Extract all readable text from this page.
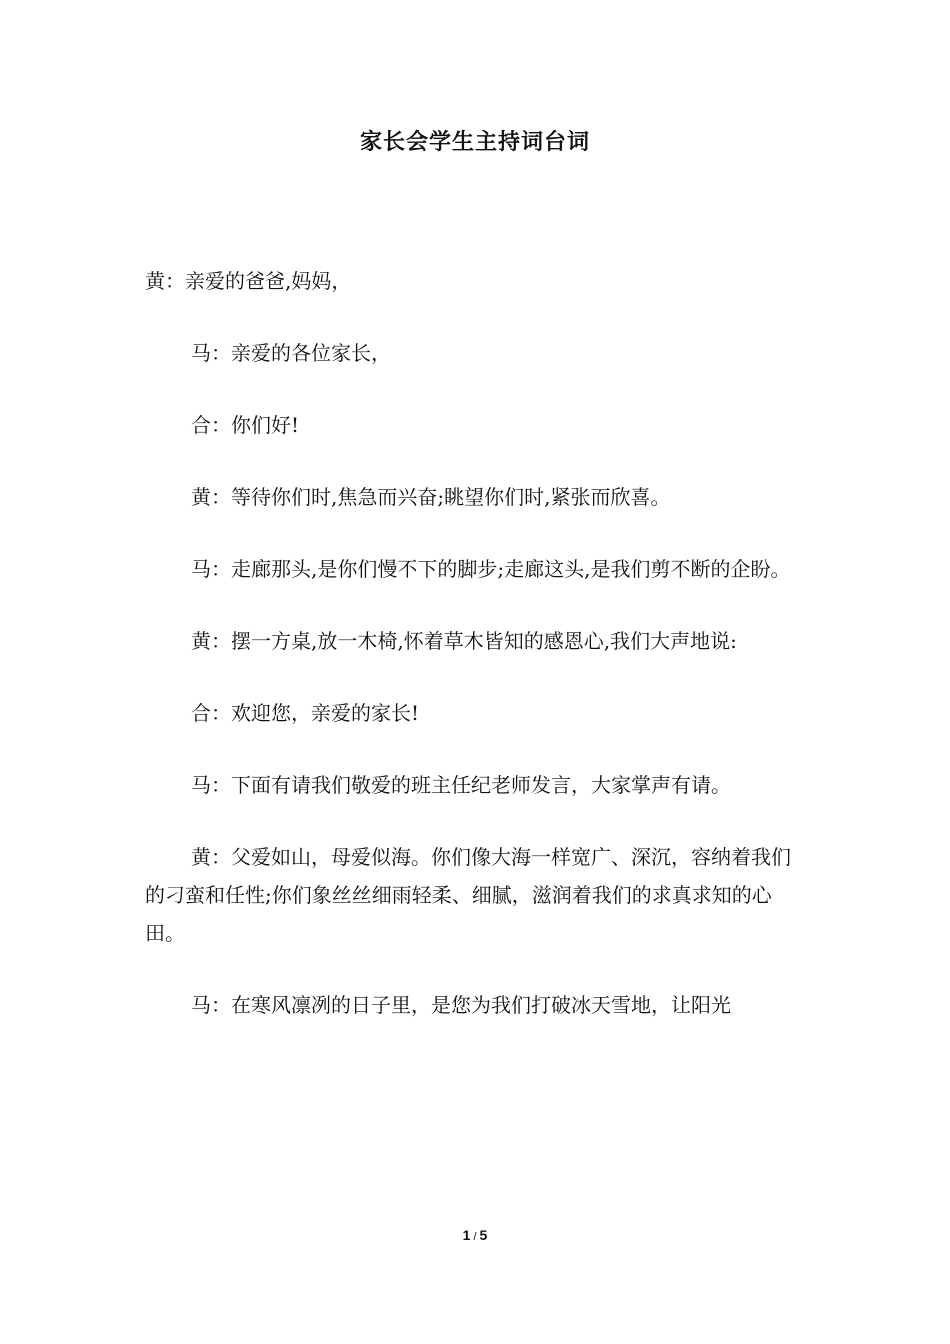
家长会学生主持词台词

黄：亲爱的爸爸,妈妈，

马：亲爱的各位家长，

合：你们好!

黄：等待你们时,焦急而兴奋;眺望你们时,紧张而欣喜。

马：走廊那头,是你们慢不下的脚步;走廊这头,是我们剪不断的企盼。

黄：摆一方桌,放一木椅,怀着草木皆知的感恩心,我们大声地说:

合：欢迎您，亲爱的家长!

马：下面有请我们敬爱的班主任纪老师发言，大家掌声有请。

黄：父爱如山，母爱似海。你们像大海一样宽广、深沉，容纳着我们的刁蛮和任性;你们象丝丝细雨轻柔、细腻，滋润着我们的求真求知的心田。

马：在寒风凛冽的日子里，是您为我们打破冰天雪地，让阳光

1 / 5
